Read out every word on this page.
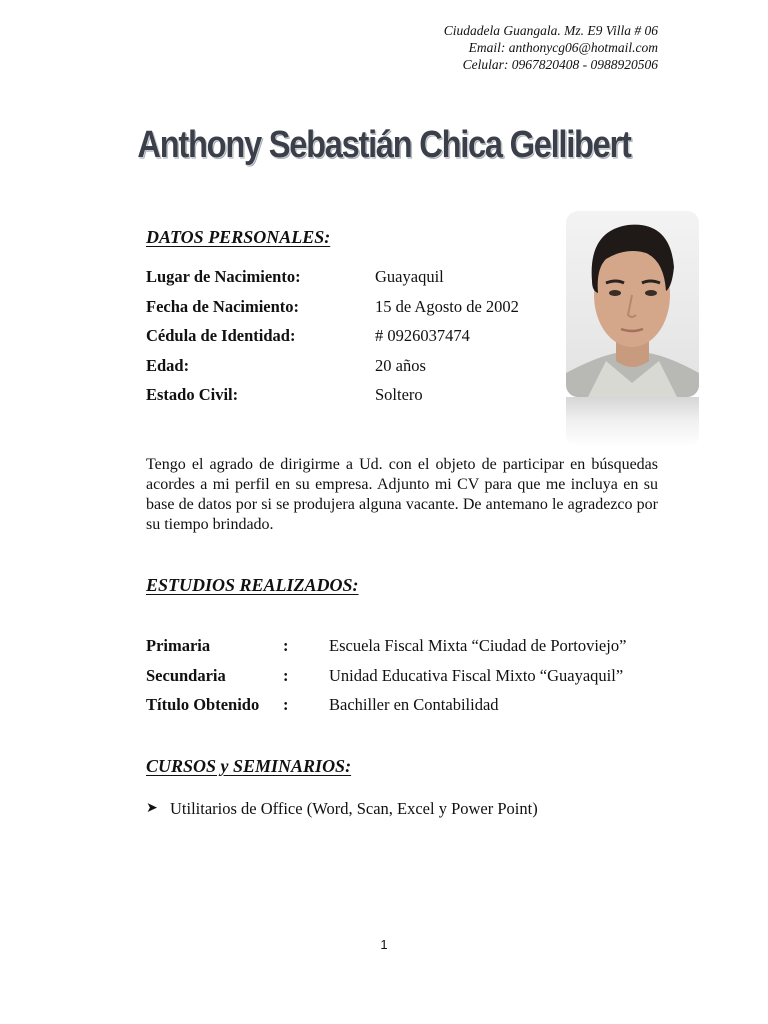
Ciudadela Guangala. Mz. E9 Villa # 06
Email: anthonycg06@hotmail.com
Celular: 0967820408 - 0988920506
Anthony Sebastián Chica Gellibert
DATOS PERSONALES:
Lugar de Nacimiento:	Guayaquil
Fecha de Nacimiento:	15 de Agosto de 2002
Cédula de Identidad:	# 0926037474
Edad:	20 años
Estado Civil:	Soltero

Tengo el agrado de dirigirme a Ud. con el objeto de participar en búsquedas acordes a mi perfil en su empresa. Adjunto mi CV para que me incluya en su base de datos por si se produjera alguna vacante. De antemano le agradezco por su tiempo brindado.

ESTUDIOS REALIZADOS:
Primaria	: Escuela Fiscal Mixta “Ciudad de Portoviejo”
Secundaria	: Unidad Educativa Fiscal Mixto “Guayaquil”
Título Obtenido : Bachiller en Contabilidad
CURSOS y SEMINARIOS:
➤ Utilitarios de Office (Word, Scan, Excel y Power Point)
1
